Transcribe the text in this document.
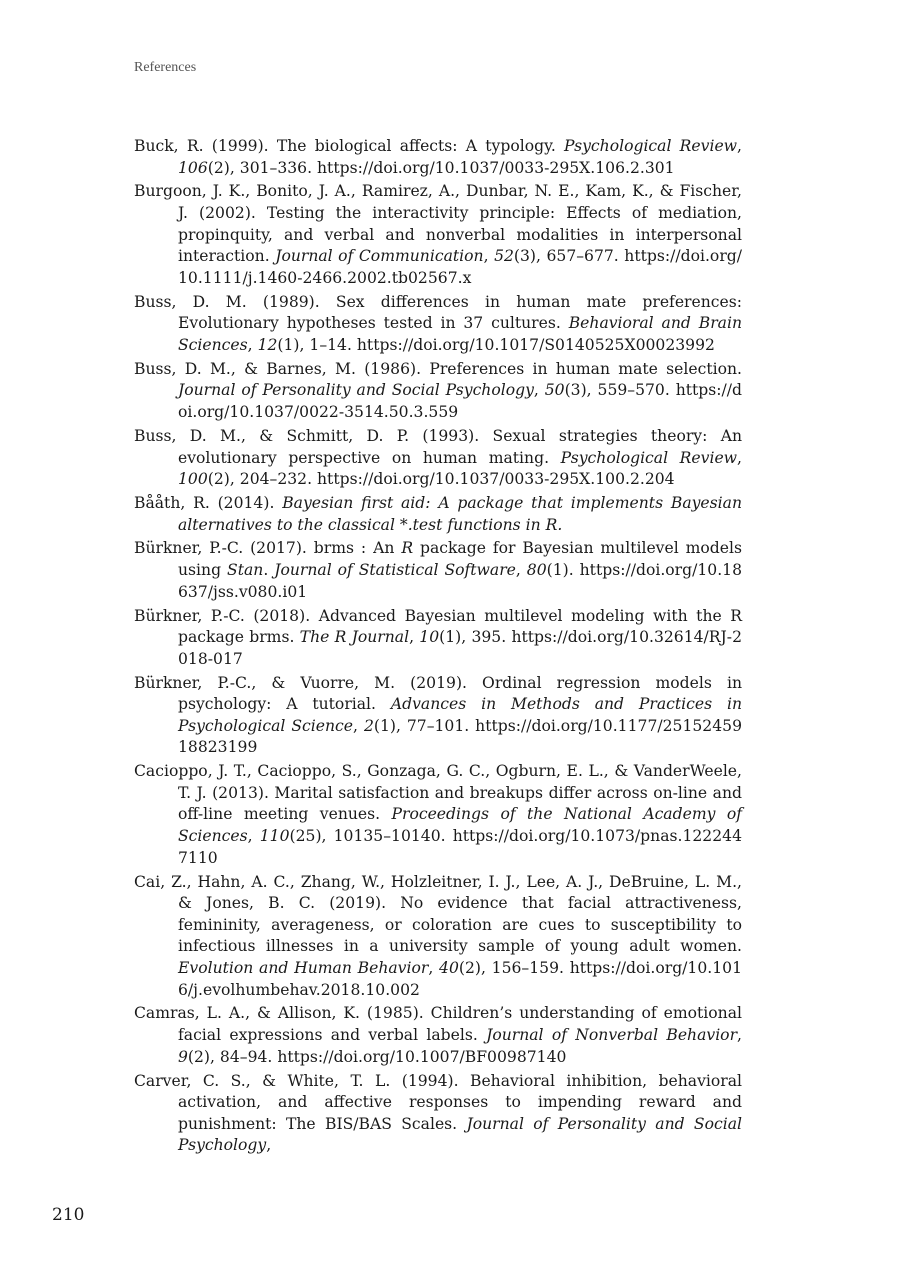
References
Buck, R. (1999). The biological affects: A typology. Psychological Review, 106(2), 301–336. https://doi.org/10.1037/0033-295X.106.2.301
Burgoon, J. K., Bonito, J. A., Ramirez, A., Dunbar, N. E., Kam, K., & Fischer, J. (2002). Testing the interactivity principle: Effects of mediation, propinquity, and verbal and nonverbal modalities in interpersonal interaction. Journal of Communication, 52(3), 657–677. https://doi.org/10.1111/j.1460-2466.2002.tb02567.x
Buss, D. M. (1989). Sex differences in human mate preferences: Evolutionary hypotheses tested in 37 cultures. Behavioral and Brain Sciences, 12(1), 1–14. https://doi.org/10.1017/S0140525X00023992
Buss, D. M., & Barnes, M. (1986). Preferences in human mate selection. Journal of Personality and Social Psychology, 50(3), 559–570. https://doi.org/10.1037/0022-3514.50.3.559
Buss, D. M., & Schmitt, D. P. (1993). Sexual strategies theory: An evolutionary perspective on human mating. Psychological Review, 100(2), 204–232. https://doi.org/10.1037/0033-295X.100.2.204
Bååth, R. (2014). Bayesian first aid: A package that implements Bayesian alternatives to the classical *.test functions in R.
Bürkner, P.-C. (2017). brms : An R package for Bayesian multilevel models using Stan. Journal of Statistical Software, 80(1). https://doi.org/10.18637/jss.v080.i01
Bürkner, P.-C. (2018). Advanced Bayesian multilevel modeling with the R package brms. The R Journal, 10(1), 395. https://doi.org/10.32614/RJ-2018-017
Bürkner, P.-C., & Vuorre, M. (2019). Ordinal regression models in psychology: A tutorial. Advances in Methods and Practices in Psychological Science, 2(1), 77–101. https://doi.org/10.1177/2515245918823199
Cacioppo, J. T., Cacioppo, S., Gonzaga, G. C., Ogburn, E. L., & VanderWeele, T. J. (2013). Marital satisfaction and breakups differ across on-line and off-line meeting venues. Proceedings of the National Academy of Sciences, 110(25), 10135–10140. https://doi.org/10.1073/pnas.1222447110
Cai, Z., Hahn, A. C., Zhang, W., Holzleitner, I. J., Lee, A. J., DeBruine, L. M., & Jones, B. C. (2019). No evidence that facial attractiveness, femininity, averageness, or coloration are cues to susceptibility to infectious illnesses in a university sample of young adult women. Evolution and Human Behavior, 40(2), 156–159. https://doi.org/10.1016/j.evolhumbehav.2018.10.002
Camras, L. A., & Allison, K. (1985). Children’s understanding of emotional facial expressions and verbal labels. Journal of Nonverbal Behavior, 9(2), 84–94. https://doi.org/10.1007/BF00987140
Carver, C. S., & White, T. L. (1994). Behavioral inhibition, behavioral activation, and affective responses to impending reward and punishment: The BIS/BAS Scales. Journal of Personality and Social Psychology,
210
